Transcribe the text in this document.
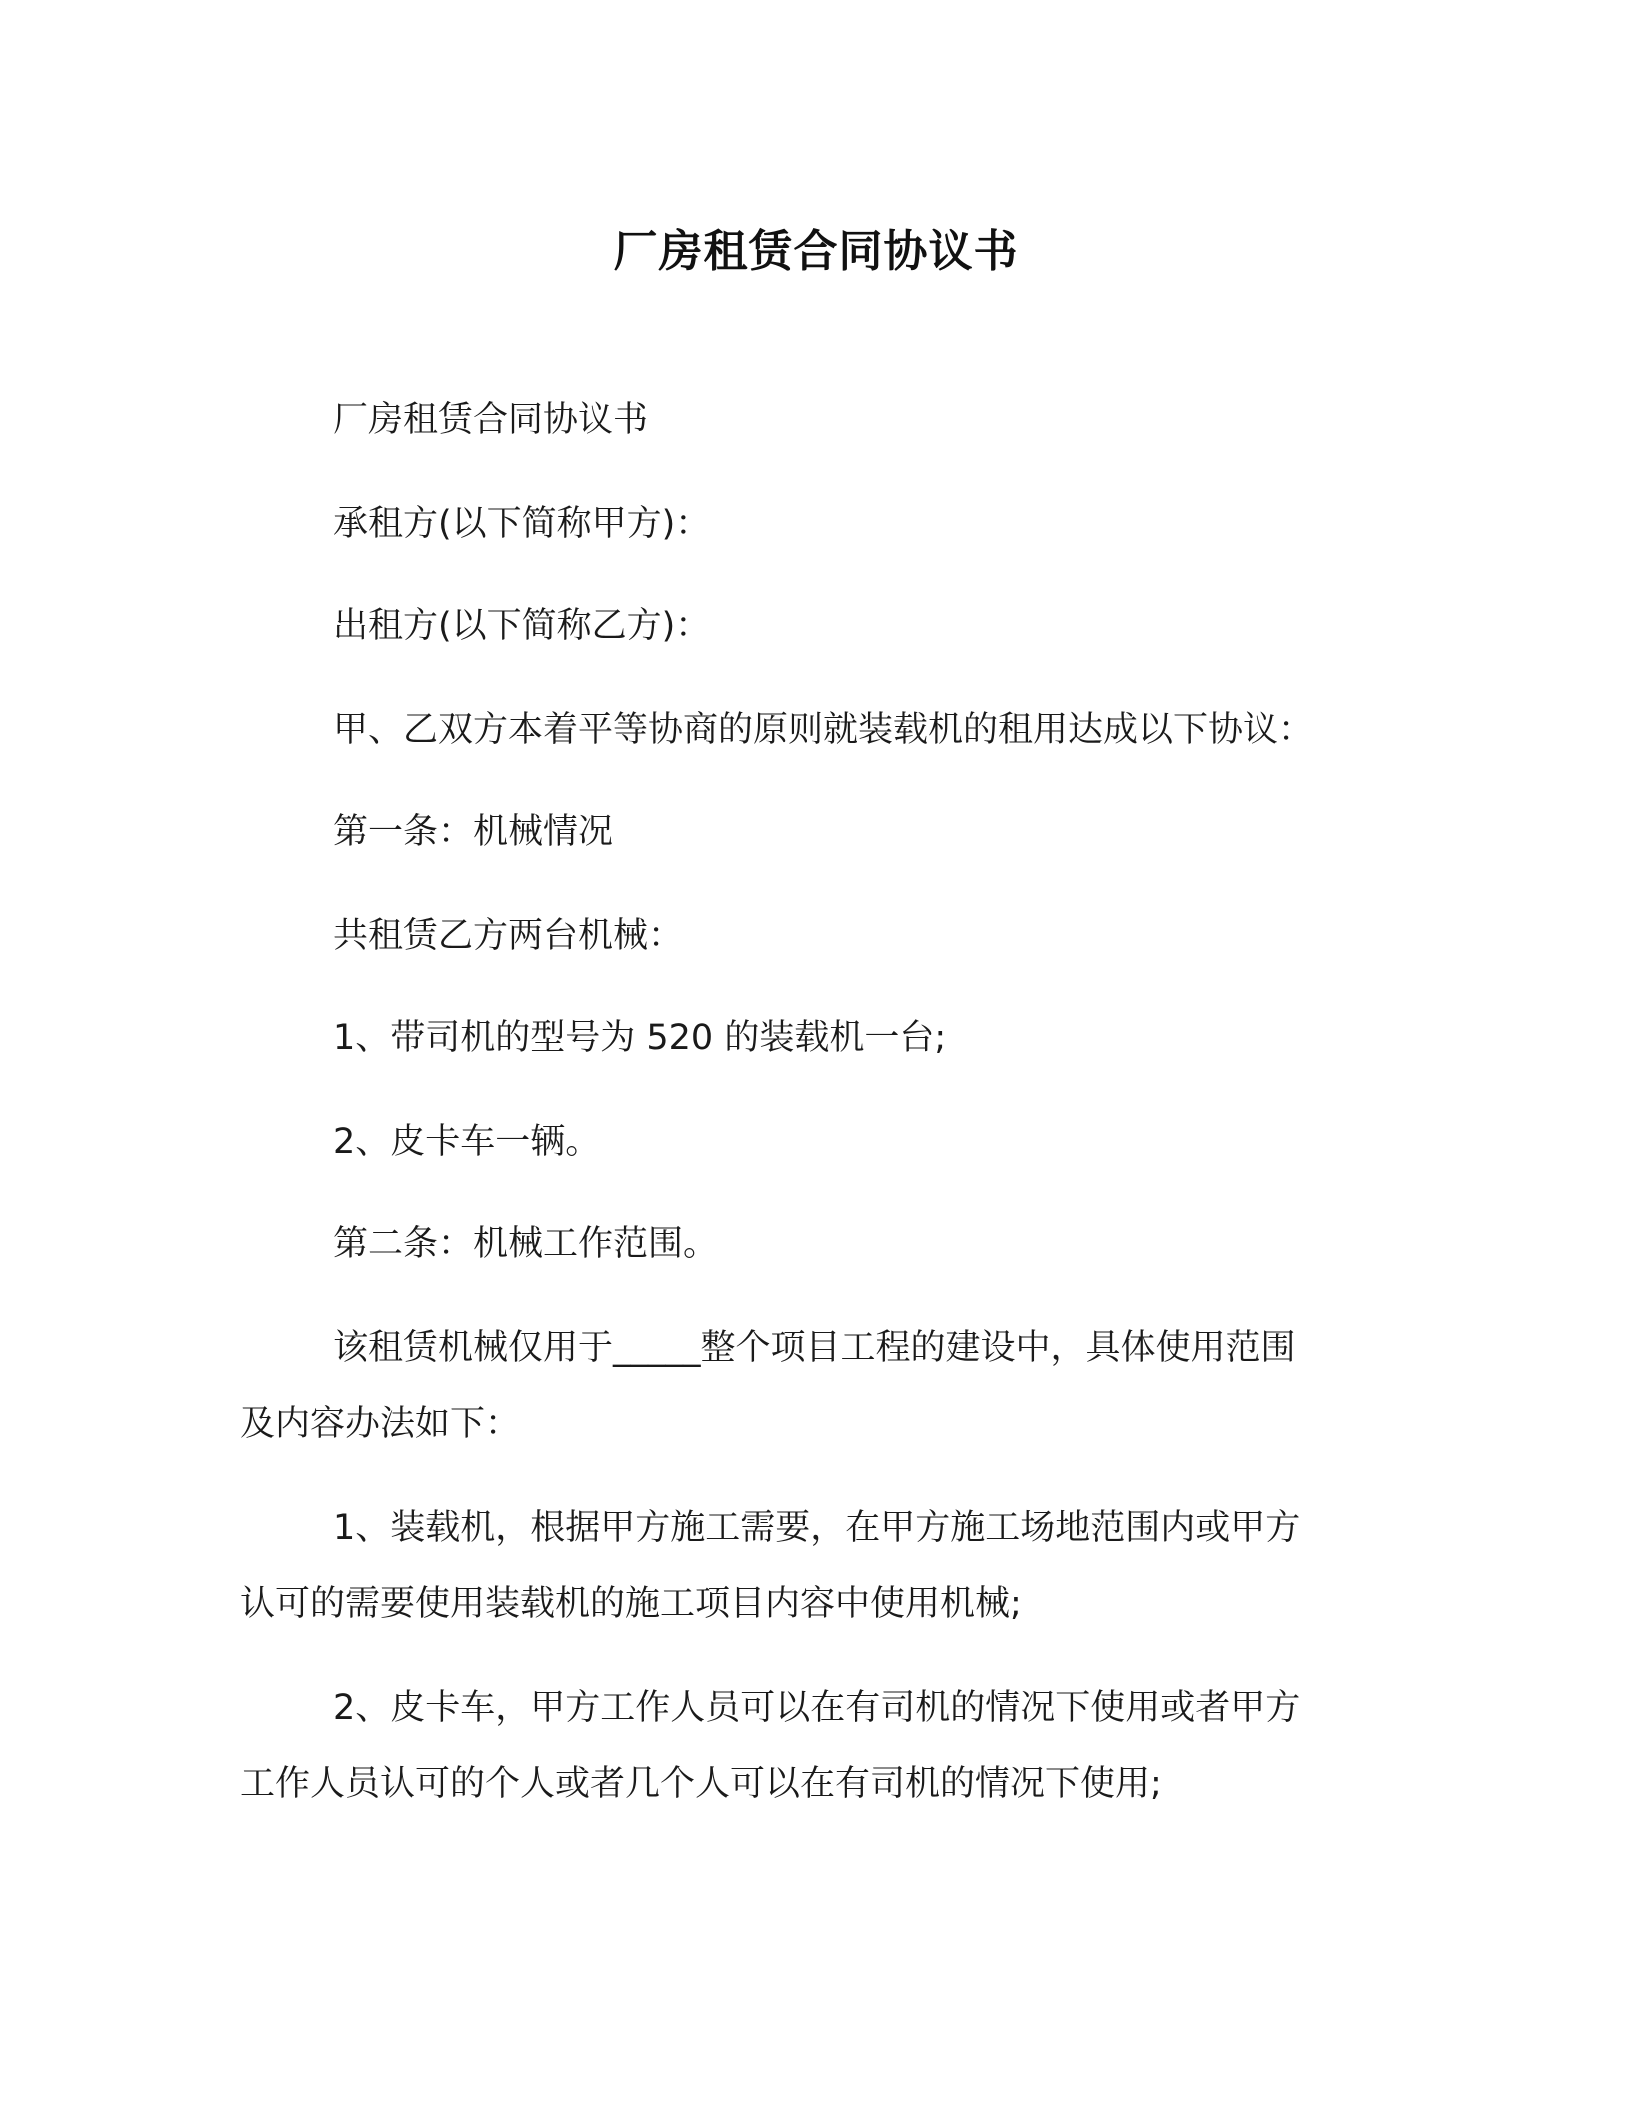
厂房租赁合同协议书
厂房租赁合同协议书
承租方(以下简称甲方)：
出租方(以下简称乙方)：
甲、乙双方本着平等协商的原则就装载机的租用达成以下协议：
第一条：机械情况
共租赁乙方两台机械：
1、带司机的型号为 520 的装载机一台;
2、皮卡车一辆。
第二条：机械工作范围。
该租赁机械仅用于_____整个项目工程的建设中，具体使用范围
及内容办法如下：
1、装载机，根据甲方施工需要，在甲方施工场地范围内或甲方
认可的需要使用装载机的施工项目内容中使用机械;
2、皮卡车，甲方工作人员可以在有司机的情况下使用或者甲方
工作人员认可的个人或者几个人可以在有司机的情况下使用;
